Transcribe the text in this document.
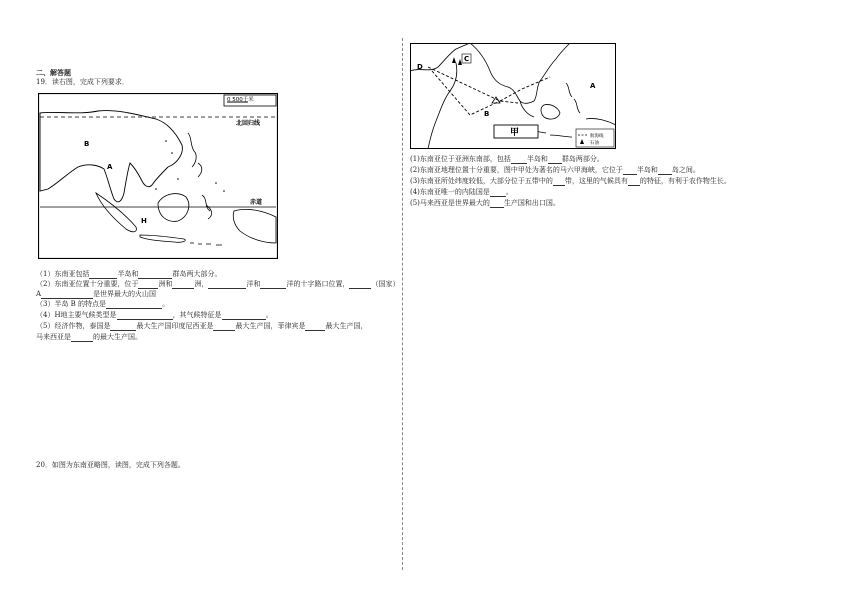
二、解答题
19．读右图，完成下列要求．
0 500千米
北回归线
赤道
B
A
H
（1）东南亚包括	半岛和	群岛两大部分。
（2）东南亚位置十分重要，位于	洲和	洲，	洋和	洋的十字路口位置，	（国家）
A	是世界最大的火山国
（3）半岛 B 的特点是	。
（4）H地主要气候类型是	，其气候特征是	。
（5）经济作物，泰国是	最大生产国印度尼西亚是	最大生产国，菲律宾是	最大生产国，
马来西亚是	的最大生产国。
20．如图为东南亚略图，读图，完成下列各题。
D
C
A
B
甲	航海线
石油
(1)东南亚位于亚洲东南部，包括 半岛和 群岛两部分。
(2)东南亚地理位置十分重要，图中甲处为著名的马六甲海峡，它位于 半岛和 岛之间。
(3)东南亚所处纬度较低，大部分位于五带中的 带，这里的气候具有 的特征，有利于农作物生长。
(4)东南亚唯一的内陆国是 。
(5)马来西亚是世界最大的 生产国和出口国。
